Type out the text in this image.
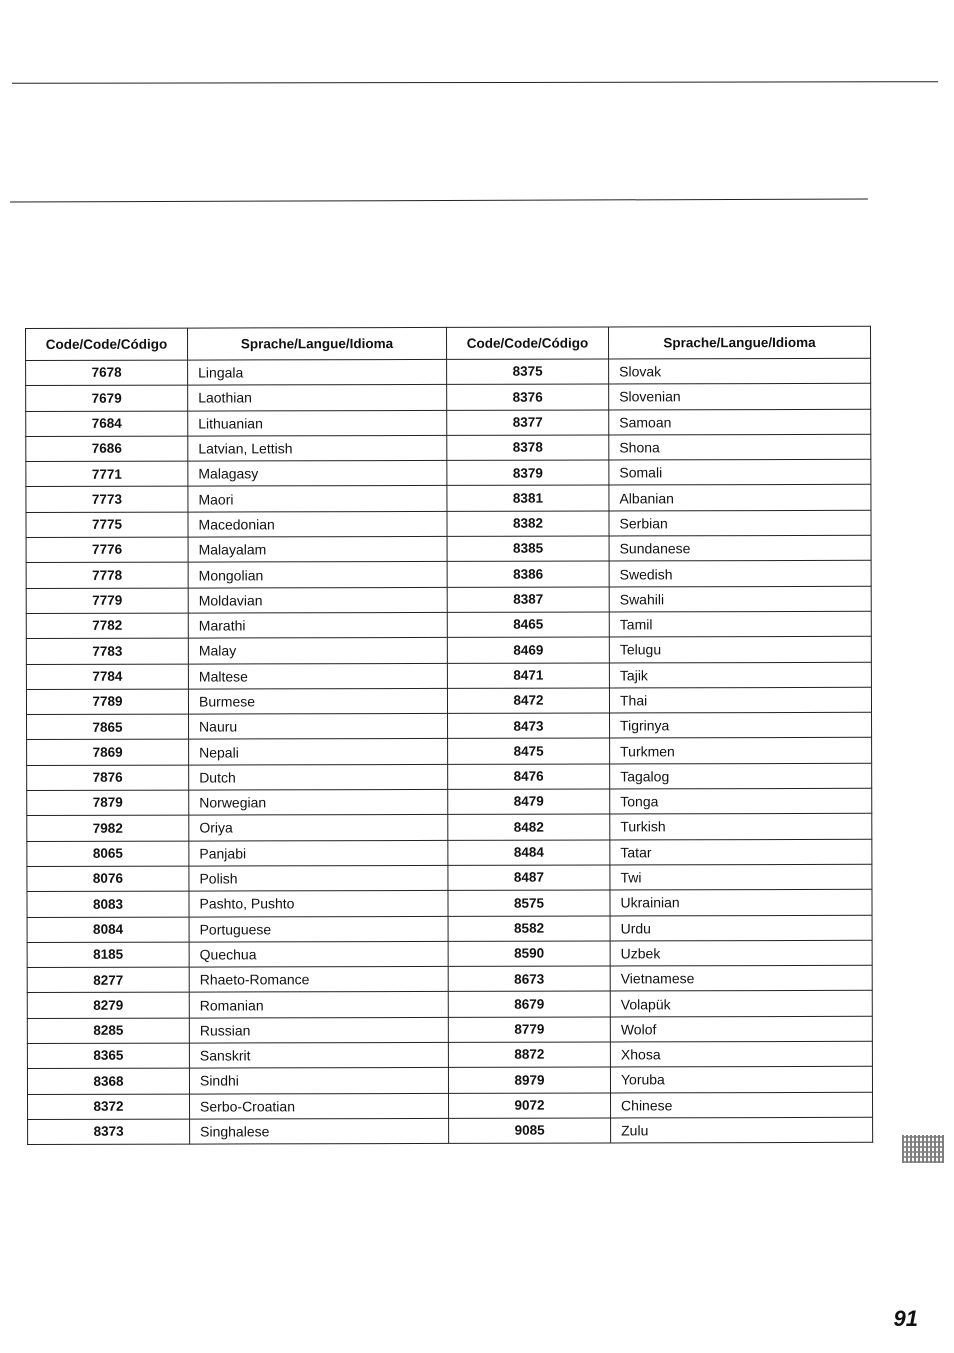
Code/Code/Código	Sprache/Langue/Idioma	Code/Code/Código	Sprache/Langue/Idioma
7678	Lingala	8375	Slovak
7679	Laothian	8376	Slovenian
7684	Lithuanian	8377	Samoan
7686	Latvian, Lettish	8378	Shona
7771	Malagasy	8379	Somali
7773	Maori	8381	Albanian
7775	Macedonian	8382	Serbian
7776	Malayalam	8385	Sundanese
7778	Mongolian	8386	Swedish
7779	Moldavian	8387	Swahili
7782	Marathi	8465	Tamil
7783	Malay	8469	Telugu
7784	Maltese	8471	Tajik
7789	Burmese	8472	Thai
7865	Nauru	8473	Tigrinya
7869	Nepali	8475	Turkmen
7876	Dutch	8476	Tagalog
7879	Norwegian	8479	Tonga
7982	Oriya	8482	Turkish
8065	Panjabi	8484	Tatar
8076	Polish	8487	Twi
8083	Pashto, Pushto	8575	Ukrainian
8084	Portuguese	8582	Urdu
8185	Quechua	8590	Uzbek
8277	Rhaeto-Romance	8673	Vietnamese
8279	Romanian	8679	Volapük
8285	Russian	8779	Wolof
8365	Sanskrit	8872	Xhosa
8368	Sindhi	8979	Yoruba
8372	Serbo-Croatian	9072	Chinese
8373	Singhalese	9085	Zulu
91
